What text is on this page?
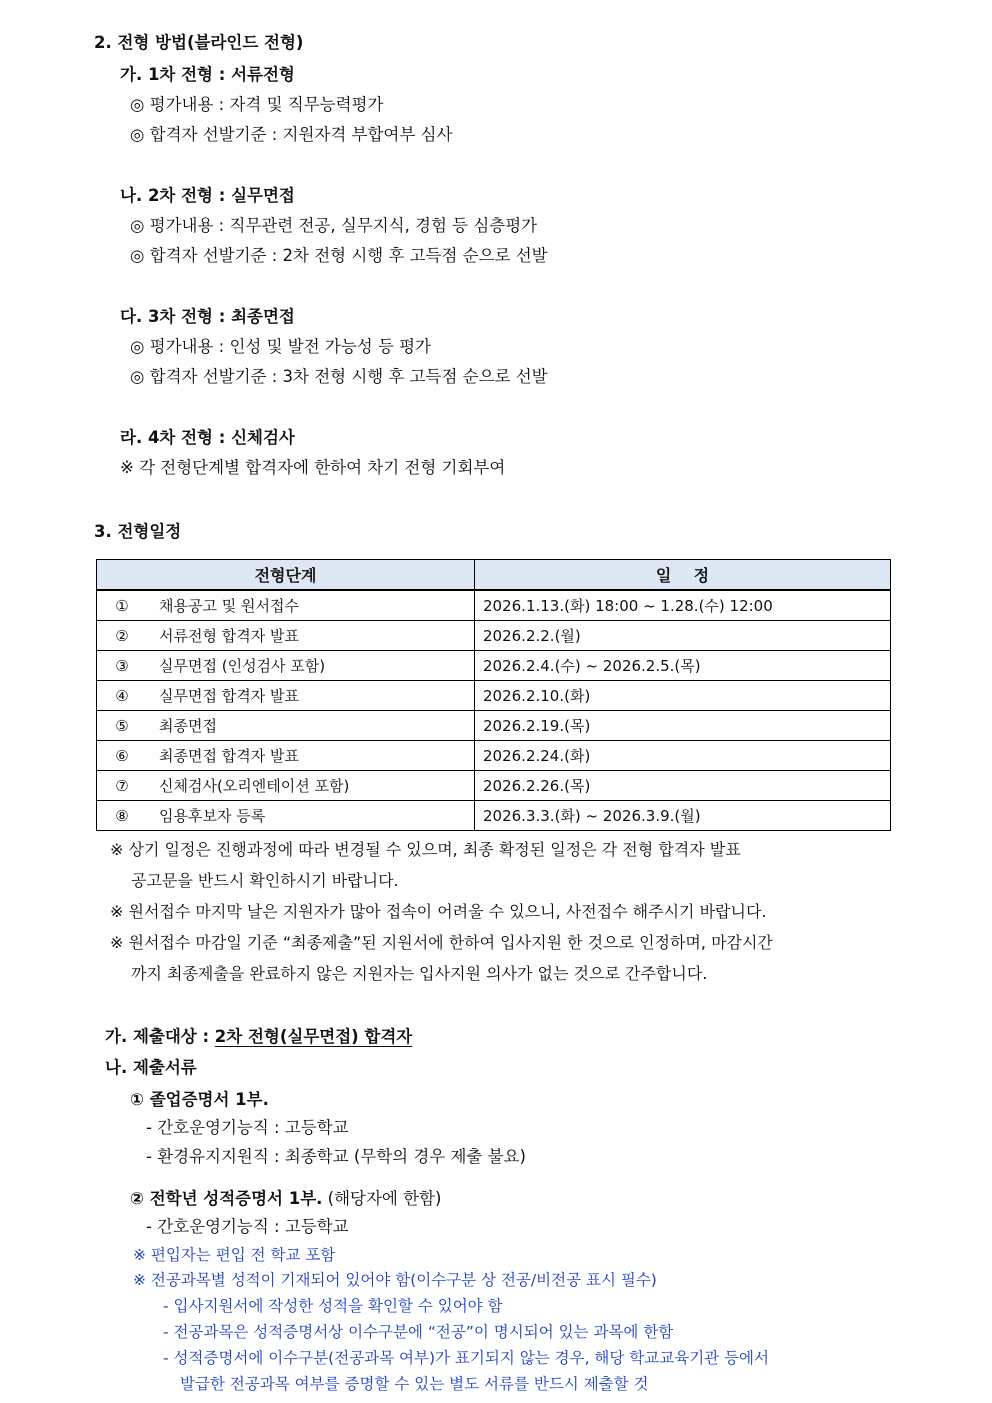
2. 전형 방법(블라인드 전형)
가. 1차 전형 : 서류전형
◎ 평가내용 : 자격 및 직무능력평가
◎ 합격자 선발기준 : 지원자격 부합여부 심사
나. 2차 전형 : 실무면접
◎ 평가내용 : 직무관련 전공, 실무지식, 경험 등 심층평가
◎ 합격자 선발기준 : 2차 전형 시행 후 고득점 순으로 선발
다. 3차 전형 : 최종면접
◎ 평가내용 : 인성 및 발전 가능성 등 평가
◎ 합격자 선발기준 : 3차 전형 시행 후 고득점 순으로 선발
라. 4차 전형 : 신체검사
※ 각 전형단계별 합격자에 한하여 차기 전형 기회부여
3. 전형일정
전형단계	일    정
① 채용공고 및 원서접수	2026.1.13.(화) 18:00 ~ 1.28.(수) 12:00
② 서류전형 합격자 발표	2026.2.2.(월)
③ 실무면접 (인성검사 포함)	2026.2.4.(수) ~ 2026.2.5.(목)
④ 실무면접 합격자 발표	2026.2.10.(화)
⑤ 최종면접	2026.2.19.(목)
⑥ 최종면접 합격자 발표	2026.2.24.(화)
⑦ 신체검사(오리엔테이션 포함)	2026.2.26.(목)
⑧ 임용후보자 등록	2026.3.3.(화) ~ 2026.3.9.(월)
※ 상기 일정은 진행과정에 따라 변경될 수 있으며, 최종 확정된 일정은 각 전형 합격자 발표
공고문을 반드시 확인하시기 바랍니다.
※ 원서접수 마지막 날은 지원자가 많아 접속이 어려울 수 있으니, 사전접수 해주시기 바랍니다.
※ 원서접수 마감일 기준 “최종제출”된 지원서에 한하여 입사지원 한 것으로 인정하며, 마감시간
까지 최종제출을 완료하지 않은 지원자는 입사지원 의사가 없는 것으로 간주합니다.
가. 제출대상 : 2차 전형(실무면접) 합격자
나. 제출서류
① 졸업증명서 1부.
- 간호운영기능직 : 고등학교
- 환경유지지원직 : 최종학교 (무학의 경우 제출 불요)
② 전학년 성적증명서 1부. (해당자에 한함)
- 간호운영기능직 : 고등학교
※ 편입자는 편입 전 학교 포함
※ 전공과목별 성적이 기재되어 있어야 함(이수구분 상 전공/비전공 표시 필수)
- 입사지원서에 작성한 성적을 확인할 수 있어야 함
- 전공과목은 성적증명서상 이수구분에 “전공”이 명시되어 있는 과목에 한함
- 성적증명서에 이수구분(전공과목 여부)가 표기되지 않는 경우, 해당 학교교육기관 등에서
발급한 전공과목 여부를 증명할 수 있는 별도 서류를 반드시 제출할 것
